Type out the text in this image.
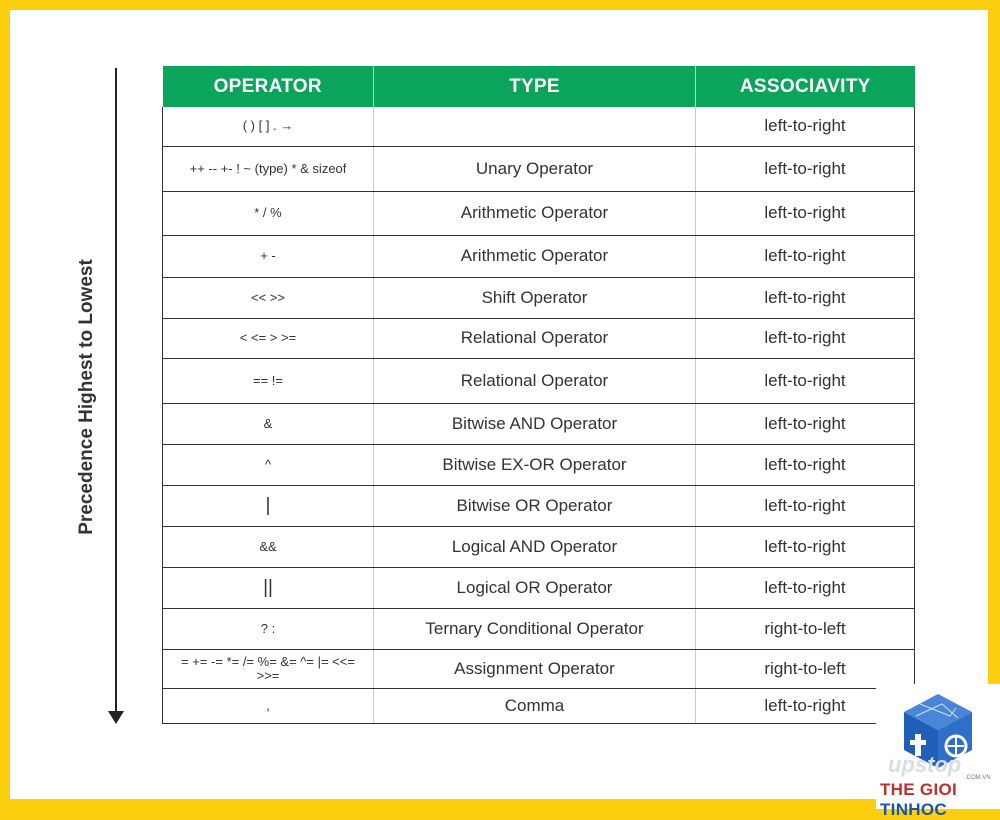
Precedence Highest to Lowest
OPERATOR	TYPE	ASSOCIAVITY
( ) [ ] . →		left-to-right
++ -- +- ! ~ (type) * & sizeof	Unary Operator	left-to-right
* / %	Arithmetic Operator	left-to-right
+ -	Arithmetic Operator	left-to-right
<< >>	Shift Operator	left-to-right
< <= > >=	Relational Operator	left-to-right
== !=	Relational Operator	left-to-right
&	Bitwise AND Operator	left-to-right
^	Bitwise EX-OR Operator	left-to-right
|	Bitwise OR Operator	left-to-right
&&	Logical AND Operator	left-to-right
||	Logical OR Operator	left-to-right
? :	Ternary Conditional Operator	right-to-left
= += -= *= /= %= &= ^= |= <<= >>=	Assignment Operator	right-to-left
,	Comma	left-to-right
upstop
THE GIOI TINHOC
.COM.VN
